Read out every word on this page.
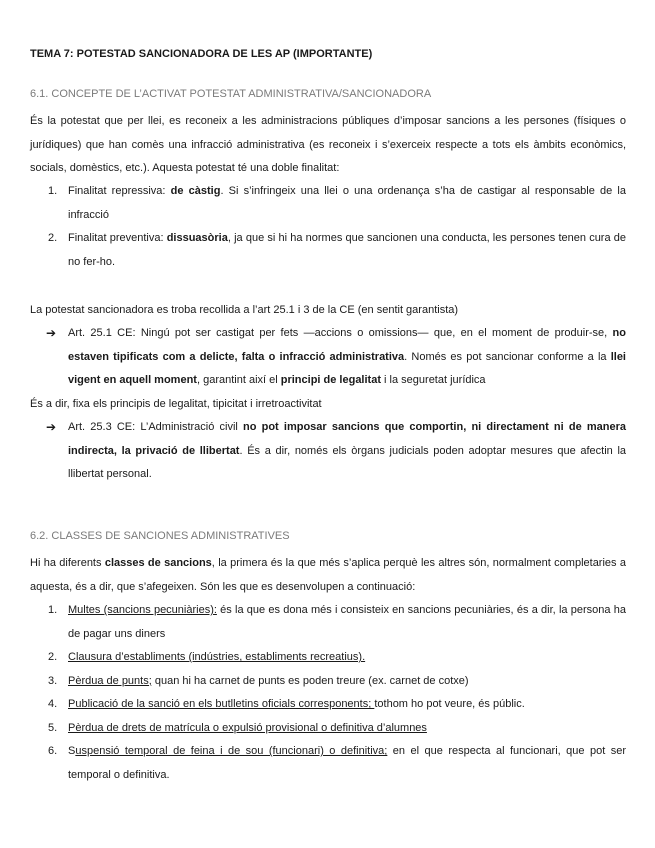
TEMA 7: POTESTAD SANCIONADORA DE LES AP (IMPORTANTE)
6.1. CONCEPTE DE L’ACTIVAT POTESTAT ADMINISTRATIVA/SANCIONADORA
És la potestat que per llei, es reconeix a les administracions públiques d’imposar sancions a les persones (físiques o jurídiques) que han comès una infracció administrativa (es reconeix i s’exerceix respecte a tots els àmbits econòmics, socials, domèstics, etc.). Aquesta potestat té una doble finalitat:
1. Finalitat repressiva: de càstig. Si s’infringeix una llei o una ordenança s’ha de castigar al responsable de la infracció
2. Finalitat preventiva: dissuasòria, ja que si hi ha normes que sancionen una conducta, les persones tenen cura de no fer-ho.
La potestat sancionadora es troba recollida a l’art 25.1 i 3 de la CE (en sentit garantista)
➔ Art. 25.1 CE: Ningú pot ser castigat per fets —accions o omissions— que, en el moment de produir-se, no estaven tipificats com a delicte, falta o infracció administrativa. Només es pot sancionar conforme a la llei vigent en aquell moment, garantint així el principi de legalitat i la seguretat jurídica
És a dir, fixa els principis de legalitat, tipicitat i irretroactivitat
➔ Art. 25.3 CE: L’Administració civil no pot imposar sancions que comportin, ni directament ni de manera indirecta, la privació de llibertat. És a dir, només els òrgans judicials poden adoptar mesures que afectin la llibertat personal.
6.2. CLASSES DE SANCIONES ADMINISTRATIVES
Hi ha diferents classes de sancions, la primera és la que més s’aplica perquè les altres són, normalment completaries a aquesta, és a dir, que s’afegeixen. Són les que es desenvolupen a continuació:
1. Multes (sancions pecuniàries): és la que es dona més i consisteix en sancions pecuniàries, és a dir, la persona ha de pagar uns diners
2. Clausura d’establiments (indústries, establiments recreatius).
3. Pèrdua de punts; quan hi ha carnet de punts es poden treure (ex. carnet de cotxe)
4. Publicació de la sanció en els butlletins oficials corresponents; tothom ho pot veure, és públic.
5. Pèrdua de drets de matrícula o expulsió provisional o definitiva d’alumnes
6. Suspensió temporal de feina i de sou (funcionari) o definitiva; en el que respecta al funcionari, que pot ser temporal o definitiva.
